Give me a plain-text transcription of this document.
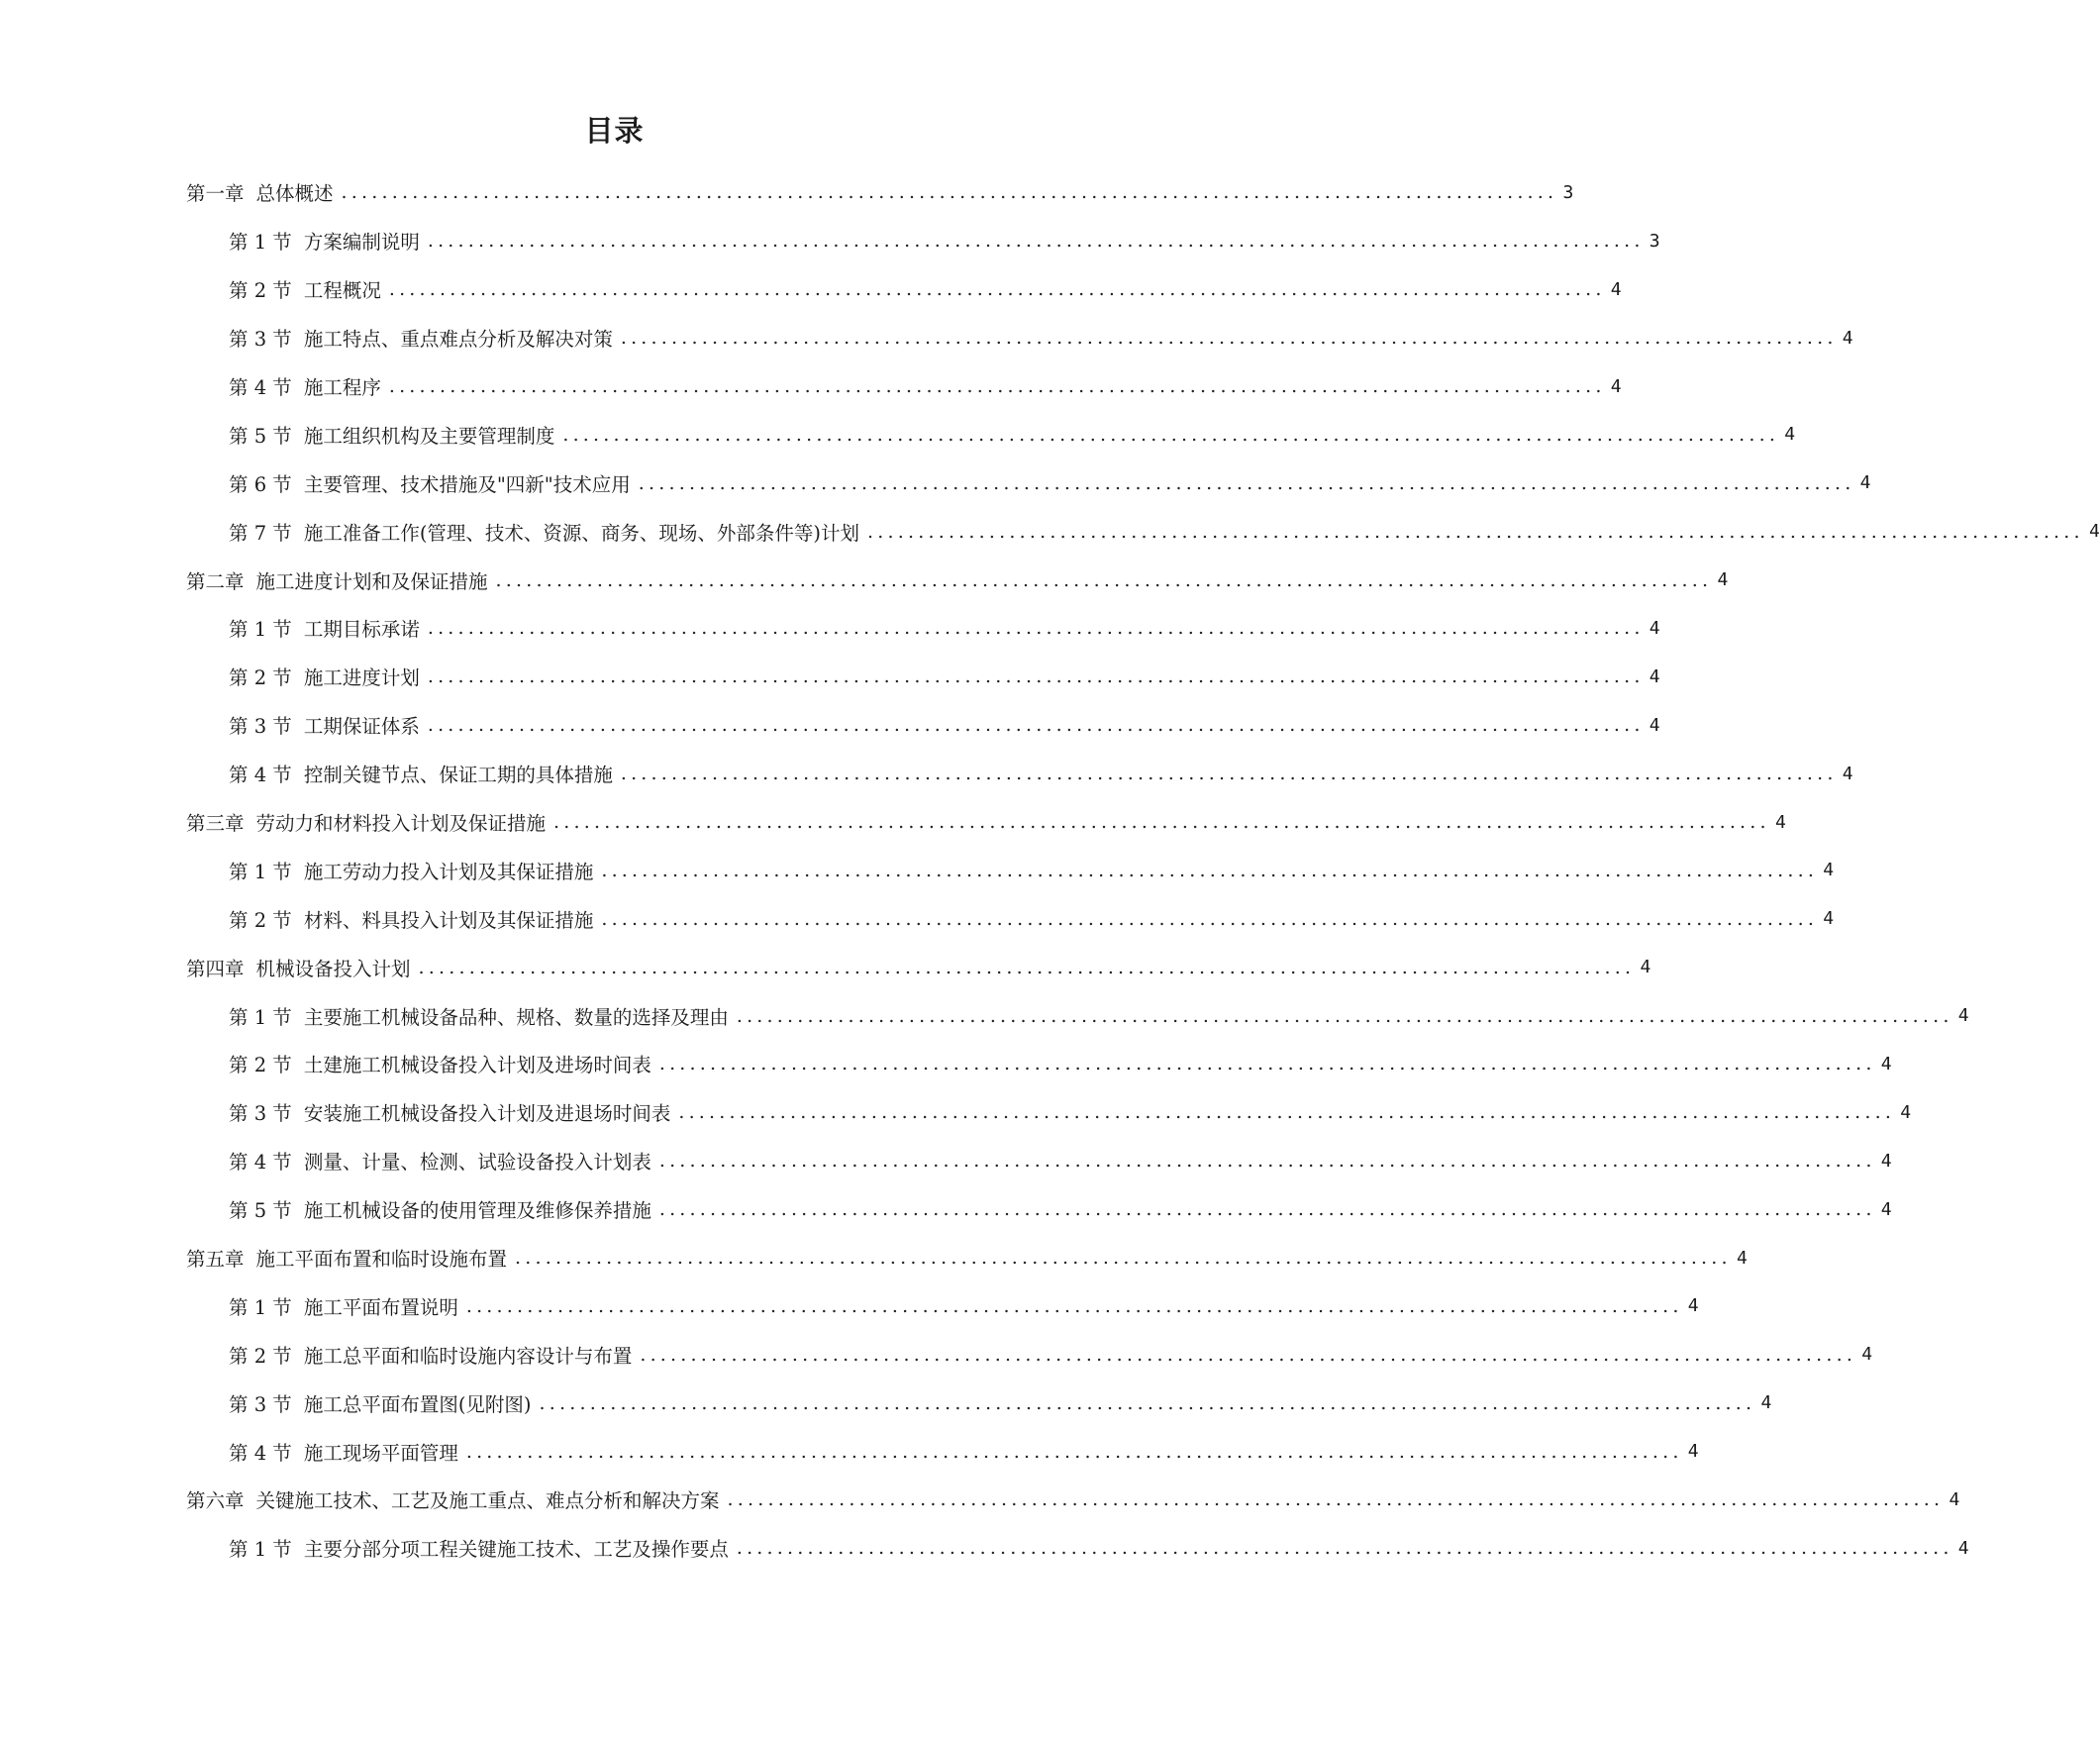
目录
第一章 总体概述 ........................................................................................................................ 3
第 1 节 方案编制说明 ........................................................................................................................ 3
第 2 节 工程概况 ........................................................................................................................ 4
第 3 节 施工特点、重点难点分析及解决对策 ........................................................................................................................ 4
第 4 节 施工程序 ........................................................................................................................ 4
第 5 节 施工组织机构及主要管理制度 ........................................................................................................................ 4
第 6 节 主要管理、技术措施及"四新"技术应用 ........................................................................................................................ 4
第 7 节 施工准备工作(管理、技术、资源、商务、现场、外部条件等)计划 ........................................................................................................................ 4
第二章 施工进度计划和及保证措施 ........................................................................................................................ 4
第 1 节 工期目标承诺 ........................................................................................................................ 4
第 2 节 施工进度计划 ........................................................................................................................ 4
第 3 节 工期保证体系 ........................................................................................................................ 4
第 4 节 控制关键节点、保证工期的具体措施 ........................................................................................................................ 4
第三章 劳动力和材料投入计划及保证措施 ........................................................................................................................ 4
第 1 节 施工劳动力投入计划及其保证措施 ........................................................................................................................ 4
第 2 节 材料、料具投入计划及其保证措施 ........................................................................................................................ 4
第四章 机械设备投入计划 ........................................................................................................................ 4
第 1 节 主要施工机械设备品种、规格、数量的选择及理由 ........................................................................................................................ 4
第 2 节 土建施工机械设备投入计划及进场时间表 ........................................................................................................................ 4
第 3 节 安装施工机械设备投入计划及进退场时间表 ........................................................................................................................ 4
第 4 节 测量、计量、检测、试验设备投入计划表 ........................................................................................................................ 4
第 5 节 施工机械设备的使用管理及维修保养措施 ........................................................................................................................ 4
第五章 施工平面布置和临时设施布置 ........................................................................................................................ 4
第 1 节 施工平面布置说明 ........................................................................................................................ 4
第 2 节 施工总平面和临时设施内容设计与布置 ........................................................................................................................ 4
第 3 节 施工总平面布置图(见附图) ........................................................................................................................ 4
第 4 节 施工现场平面管理 ........................................................................................................................ 4
第六章 关键施工技术、工艺及施工重点、难点分析和解决方案 ........................................................................................................................ 4
第 1 节 主要分部分项工程关键施工技术、工艺及操作要点 ........................................................................................................................ 4
